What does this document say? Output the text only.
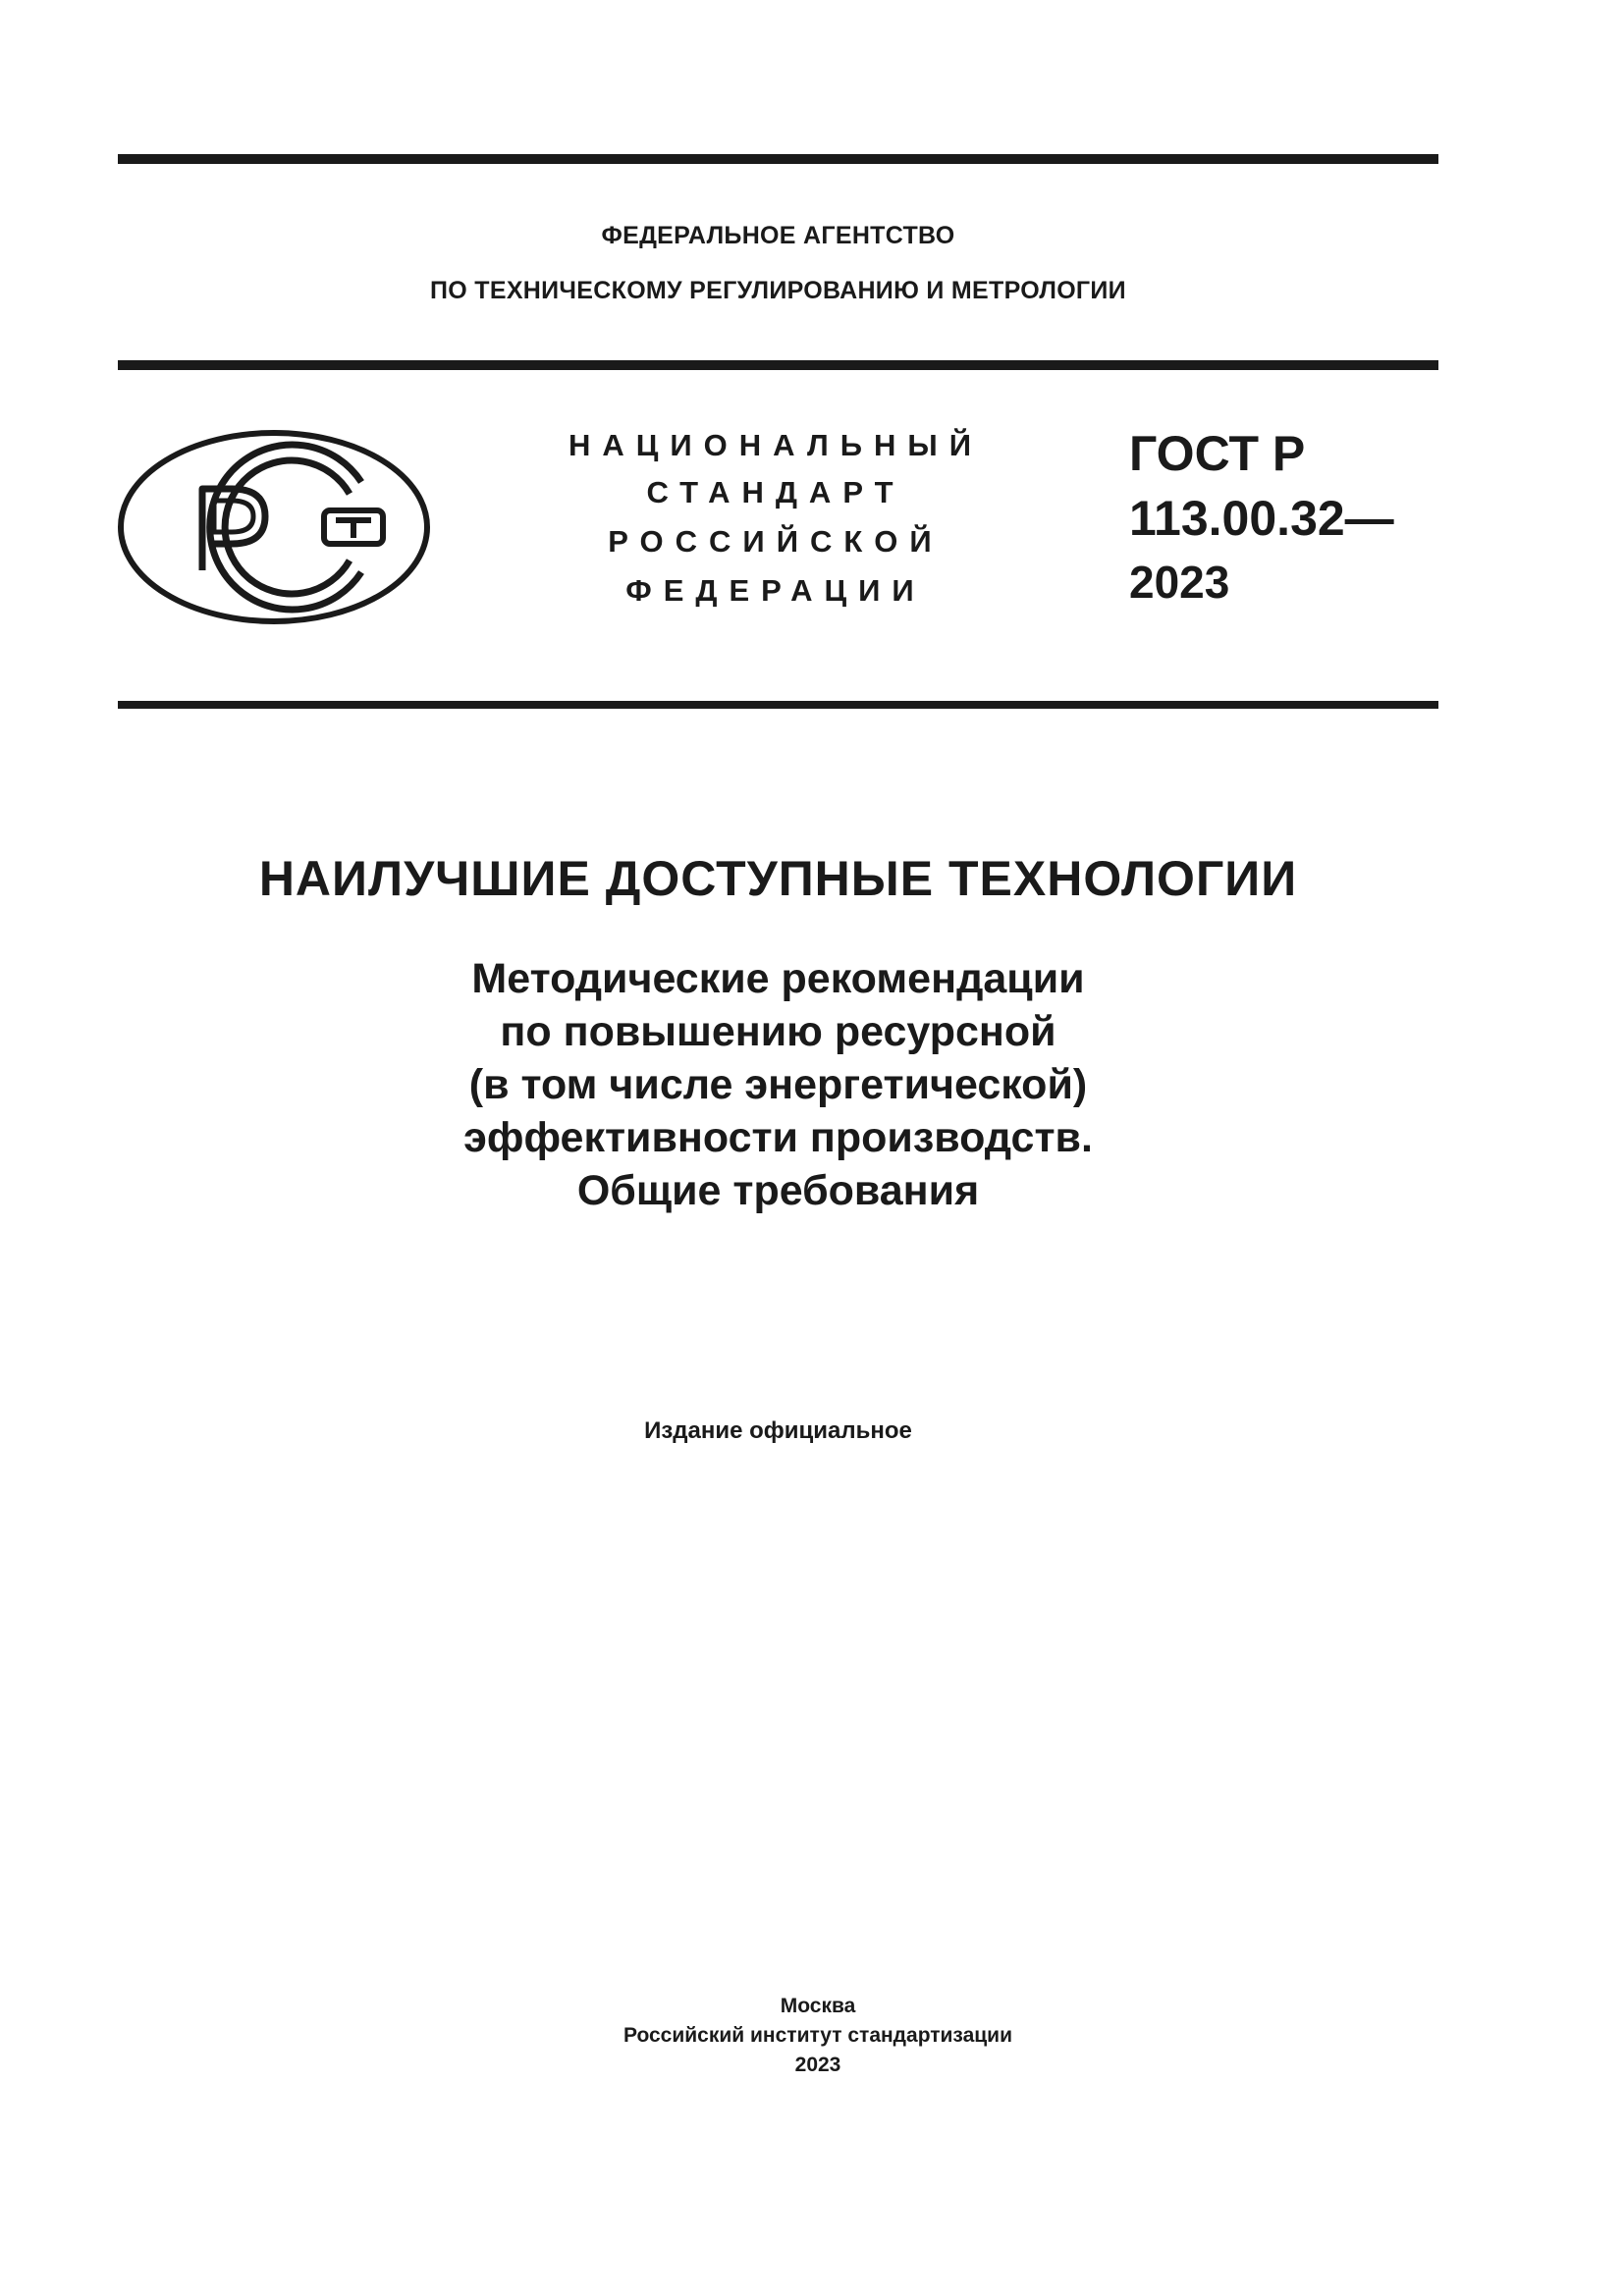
ФЕДЕРАЛЬНОЕ АГЕНТСТВО
ПО ТЕХНИЧЕСКОМУ РЕГУЛИРОВАНИЮ И МЕТРОЛОГИИ
НАЦИОНАЛЬНЫЙ
СТАНДАРТ
РОССИЙСКОЙ
ФЕДЕРАЦИИ
ГОСТ Р
113.00.32—
2023
НАИЛУЧШИЕ ДОСТУПНЫЕ ТЕХНОЛОГИИ
Методические рекомендации
по повышению ресурсной
(в том числе энергетической)
эффективности производств.
Общие требования
Издание официальное
Москва
Российский институт стандартизации
2023
